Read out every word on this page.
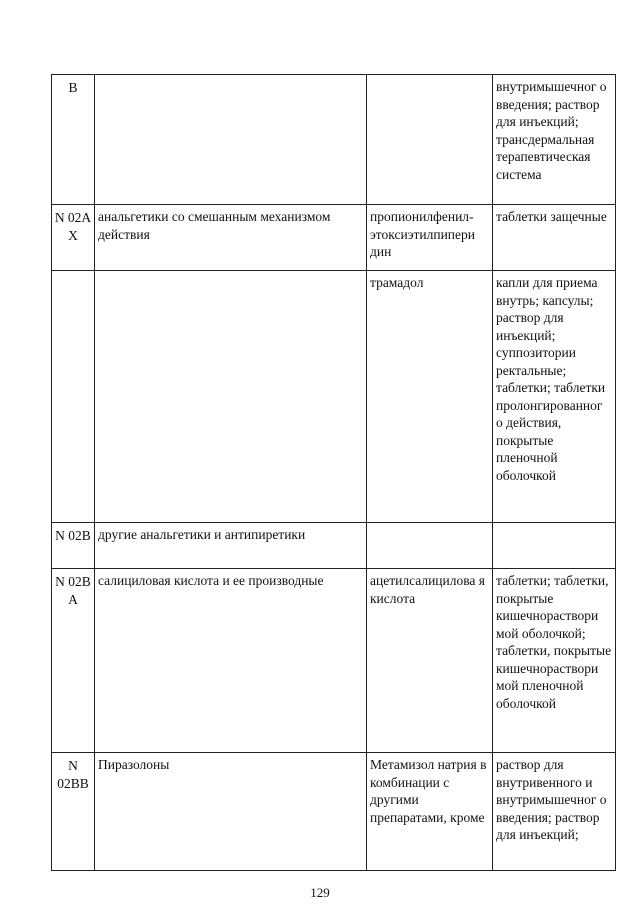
B			внутримышечног о введения; раствор для инъекций; трансдермальная терапевтическая система
N 02A X	анальгетики со смешанным механизмом действия	пропионилфенил-этоксиэтилпипери дин	таблетки защечные
		трамадол	капли для приема внутрь; капсулы; раствор для инъекций; суппозитории ректальные; таблетки; таблетки пролонгированног о действия, покрытые пленочной оболочкой
N 02B	другие анальгетики и антипиретики		
N 02B A	салициловая кислота и ее производные	ацетилсалицилова я кислота	таблетки; таблетки, покрытые кишечнораствори мой оболочкой; таблетки, покрытые кишечнораствори мой пленочной оболочкой
N 02BB	Пиразолоны	Метамизол натрия в комбинации с другими препаратами, кроме	раствор для внутривенного и внутримышечног о введения; раствор для инъекций;
129
